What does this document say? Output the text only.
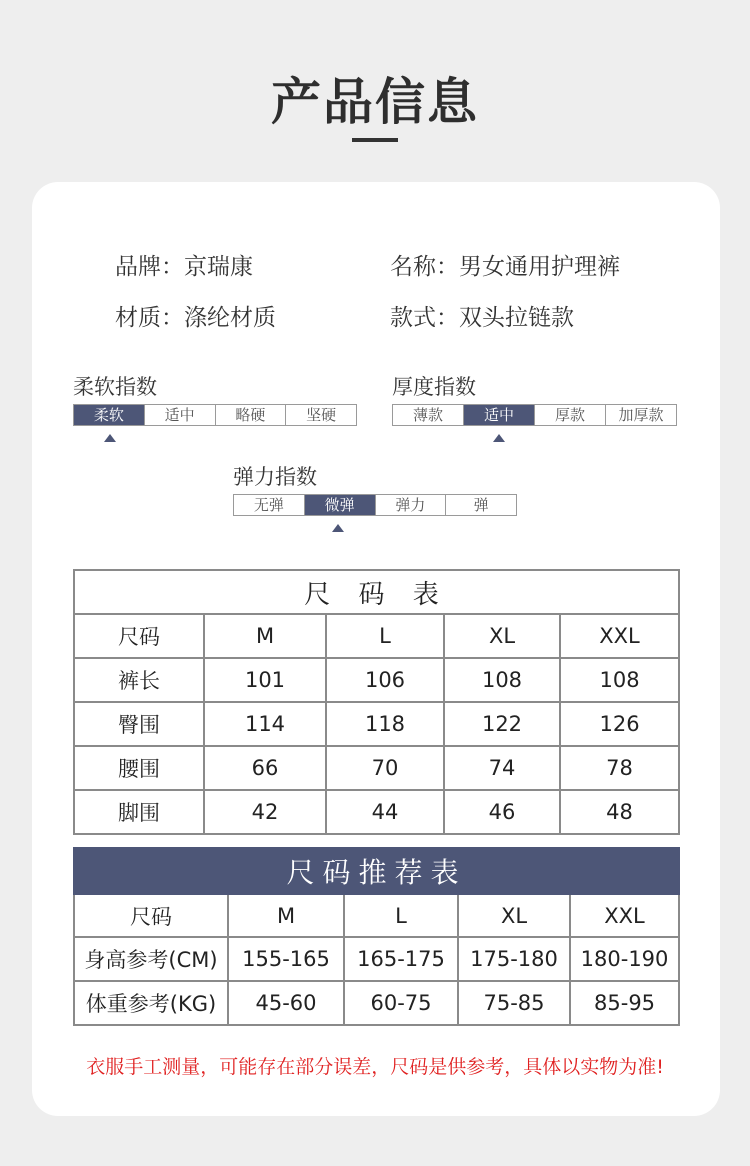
产品信息
品牌：京瑞康	名称：男女通用护理裤
材质：涤纶材质	款式：双头拉链款
柔软指数
柔软	适中	略硬	坚硬
厚度指数
薄款	适中	厚款	加厚款
弹力指数
无弹	微弹	弹力	弹
尺 码 表				
尺码	M	L	XL	XXL
裤长	101	106	108	108
臀围	114	118	122	126
腰围	66	70	74	78
脚围	42	44	46	48
尺码推荐表				
尺码	M	L	XL	XXL
身高参考(CM)	155-165	165-175	175-180	180-190
体重参考(KG)	45-60	60-75	75-85	85-95
衣服手工测量，可能存在部分误差，尺码是供参考，具体以实物为准!
